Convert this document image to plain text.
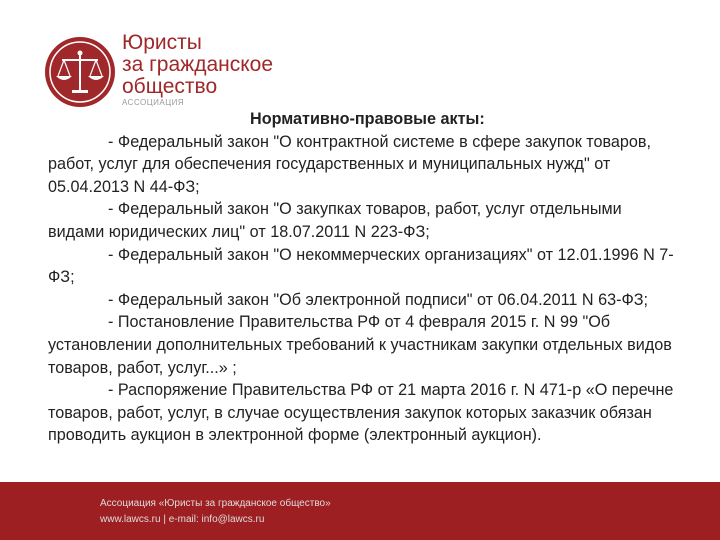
Юристы
за гражданское
общество
АССОЦИАЦИЯ

Нормативно-правовые акты:

- Федеральный закон "О контрактной системе в сфере закупок товаров, работ, услуг для обеспечения государственных и муниципальных нужд" от 05.04.2013 N 44-ФЗ;

- Федеральный закон "О закупках товаров, работ, услуг отдельными видами юридических лиц" от 18.07.2011 N 223-ФЗ;

- Федеральный закон "О некоммерческих организациях" от 12.01.1996 N 7-ФЗ;

- Федеральный закон "Об электронной подписи" от 06.04.2011 N 63-ФЗ;

- Постановление Правительства РФ от 4 февраля 2015 г. N 99 "Об установлении дополнительных требований к участникам закупки отдельных видов товаров, работ, услуг...» ;

- Распоряжение Правительства РФ от 21 марта 2016 г. N 471-р «О перечне товаров, работ, услуг, в случае осуществления закупок которых заказчик обязан проводить аукцион в электронной форме (электронный аукцион).

Ассоциация «Юристы за гражданское общество»
www.lawcs.ru | e-mail: info@lawcs.ru
